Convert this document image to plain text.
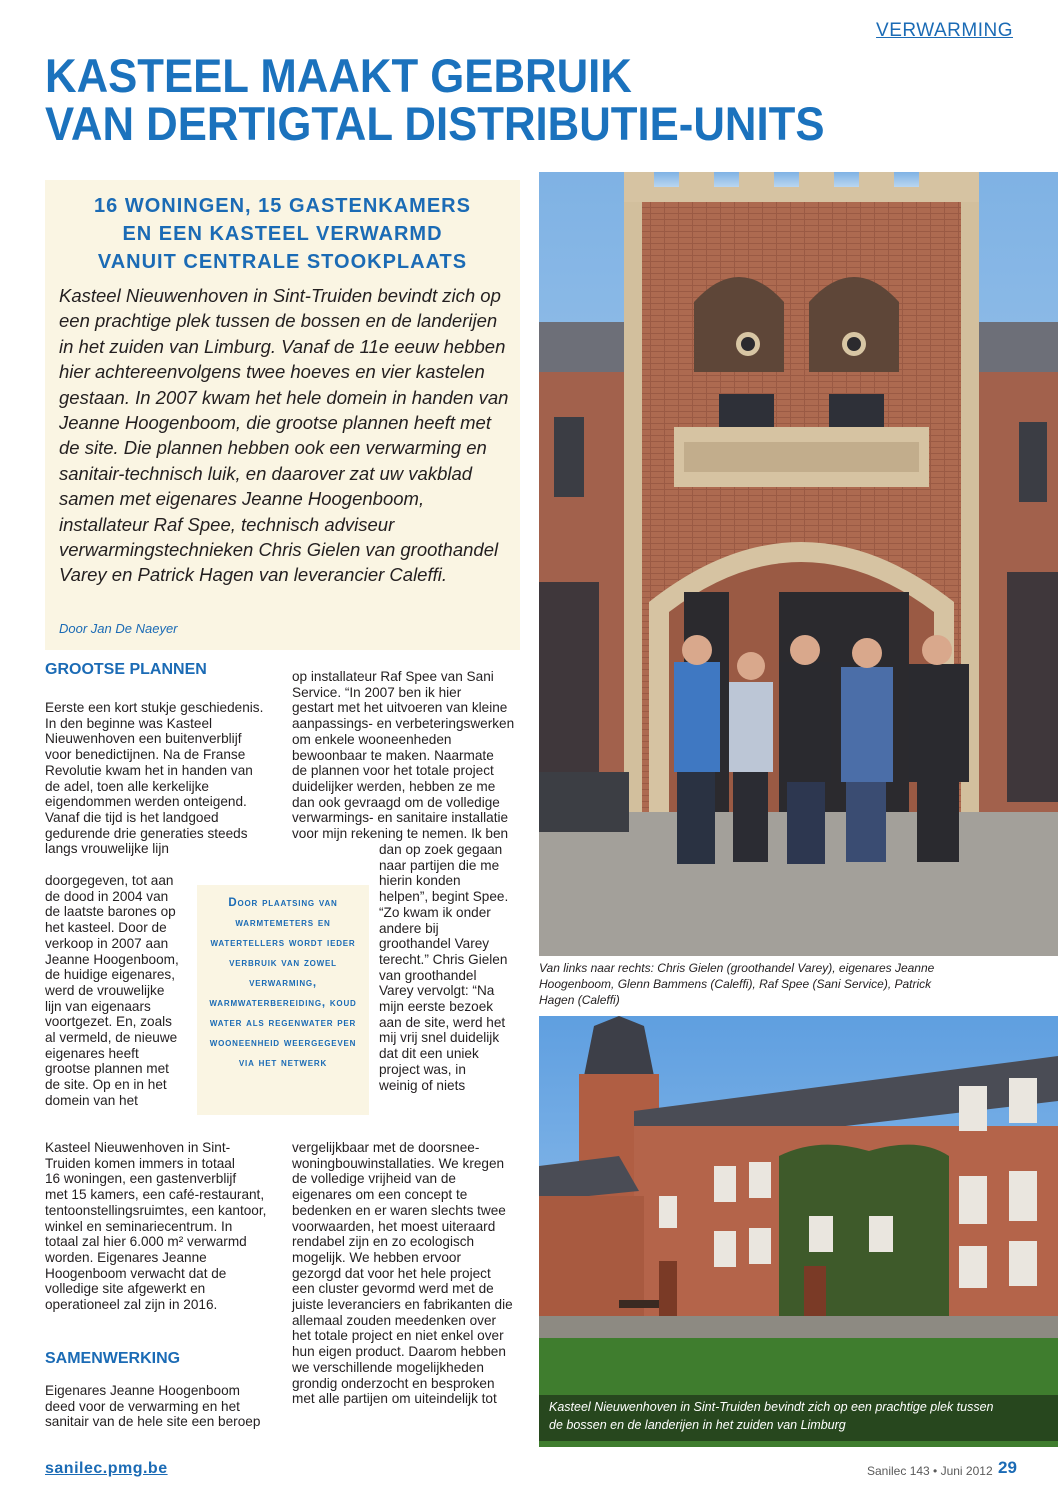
VERWARMING
KASTEEL MAAKT GEBRUIK
VAN DERTIGTAL DISTRIBUTIE-UNITS
16 WONINGEN, 15 GASTENKAMERS
EN EEN KASTEEL VERWARMD
VANUIT CENTRALE STOOKPLAATS
Kasteel Nieuwenhoven in Sint-Truiden bevindt zich op een prachtige plek tussen de bossen en de landerijen in het zuiden van Limburg. Vanaf de 11e eeuw hebben hier achtereenvolgens twee hoeves en vier kastelen gestaan. In 2007 kwam het hele domein in handen van Jeanne Hoogenboom, die grootse plannen heeft met de site. Die plannen hebben ook een verwarming en sanitair-technisch luik, en daarover zat uw vakblad samen met eigenares Jeanne Hoogenboom, installateur Raf Spee, technisch adviseur verwarmingstechnieken Chris Gielen van groothandel Varey en Patrick Hagen van leverancier Caleffi.
Door Jan De Naeyer
GROOTSE PLANNEN
Eerste een kort stukje geschiedenis.
In den beginne was Kasteel
Nieuwenhoven een buitenverblijf
voor benedictijnen. Na de Franse
Revolutie kwam het in handen van
de adel, toen alle kerkelijke
eigendommen werden onteigend.
Vanaf die tijd is het landgoed
gedurende drie generaties steeds
langs vrouwelijke lijn
doorgegeven, tot aan
de dood in 2004 van
de laatste barones op
het kasteel. Door de
verkoop in 2007 aan
Jeanne Hoogenboom,
de huidige eigenares,
werd de vrouwelijke
lijn van eigenaars
voortgezet. En, zoals
al vermeld, de nieuwe
eigenares heeft
grootse plannen met
de site. Op en in het
domein van het
Kasteel Nieuwenhoven in Sint-
Truiden komen immers in totaal
16 woningen, een gastenverblijf
met 15 kamers, een café-restaurant,
tentoonstellingsruimtes, een kantoor,
winkel en seminariecentrum. In
totaal zal hier 6.000 m² verwarmd
worden. Eigenares Jeanne
Hoogenboom verwacht dat de
volledige site afgewerkt en
operationeel zal zijn in 2016.
SAMENWERKING
Eigenares Jeanne Hoogenboom
deed voor de verwarming en het
sanitair van de hele site een beroep
op installateur Raf Spee van Sani
Service. “In 2007 ben ik hier
gestart met het uitvoeren van kleine
aanpassings- en verbeteringswerken
om enkele wooneenheden
bewoonbaar te maken. Naarmate
de plannen voor het totale project
duidelijker werden, hebben ze me
dan ook gevraagd om de volledige
verwarmings- en sanitaire installatie
voor mijn rekening te nemen. Ik ben
dan op zoek gegaan
naar partijen die me
hierin konden
helpen”, begint Spee.
“Zo kwam ik onder
andere bij
groothandel Varey
terecht.” Chris Gielen
van groothandel
Varey vervolgt: “Na
mijn eerste bezoek
aan de site, werd het
mij vrij snel duidelijk
dat dit een uniek
project was, in
weinig of niets
vergelijkbaar met de doorsnee-
woningbouwinstallaties. We kregen
de volledige vrijheid van de
eigenares om een concept te
bedenken en er waren slechts twee
voorwaarden, het moest uiteraard
rendabel zijn en zo ecologisch
mogelijk. We hebben ervoor
gezorgd dat voor het hele project
een cluster gevormd werd met de
juiste leveranciers en fabrikanten die
allemaal zouden meedenken over
het totale project en niet enkel over
hun eigen product. Daarom hebben
we verschillende mogelijkheden
grondig onderzocht en besproken
met alle partijen om uiteindelijk tot
Door plaatsing van warmtemeters en watertellers wordt ieder verbruik van zowel verwarming, warmwaterbereiding, koud water als regenwater per wooneenheid weergegeven via het netwerk
Van links naar rechts: Chris Gielen (groothandel Varey), eigenares Jeanne Hoogenboom, Glenn Bammens (Caleffi), Raf Spee (Sani Service), Patrick Hagen (Caleffi)
Kasteel Nieuwenhoven in Sint-Truiden bevindt zich op een prachtige plek tussen de bossen en de landerijen in het zuiden van Limburg
sanilec.pmg.be	Sanilec 143 • Juni 2012 29
